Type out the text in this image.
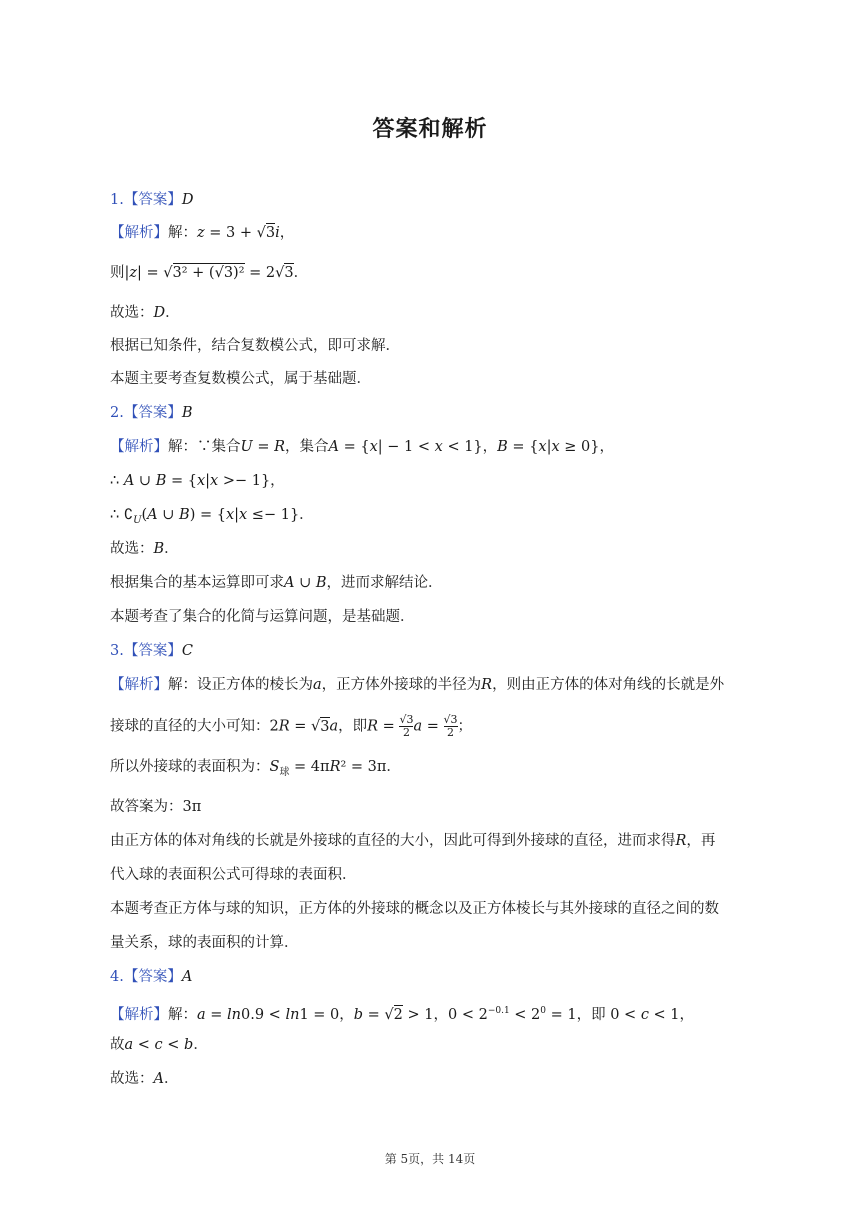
答案和解析
1.【答案】D
【解析】解：z = 3 + √3i，
则|z| = √3² + (√3)² = 2√3．
故选：D．
根据已知条件，结合复数模公式，即可求解．
本题主要考查复数模公式，属于基础题．
2.【答案】B
【解析】解：∵集合U = R，集合A = {x| − 1 < x < 1}，B = {x|x ≥ 0}，
∴ A ∪ B = {x|x >− 1}，
∴ $∁_U(A$ ∪ B) = {x|x ≤− 1}．
故选：B．
根据集合的基本运算即可求A ∪ B，进而求解结论．
本题考查了集合的化简与运算问题，是基础题．
3.【答案】C
【解析】解：设正方体的棱长为a，正方体外接球的半径为R，则由正方体的体对角线的长就是外
接球的直径的大小可知：2R = √3a，即$R = \frac{√3}{2}$ $a = \frac{√3}{2}$ ；
所以外接球的表面积为：$S_球 = 4\pi R^2 = 3\pi$．
故答案为：3π
由正方体的体对角线的长就是外接球的直径的大小，因此可得到外接球的直径，进而求得R，再
代入球的表面积公式可得球的表面积．
本题考查正方体与球的知识，正方体的外接球的概念以及正方体棱长与其外接球的直径之间的数
量关系，球的表面积的计算．
4.【答案】A
【解析】解：a = ln0.9 < ln1 = 0，b = √2 > 1，$0 < 2^{-0.1} < 2^0 = 1$，即 0 < c < 1，
故a < c < b．
故选：A．
第 5页，共 14页
